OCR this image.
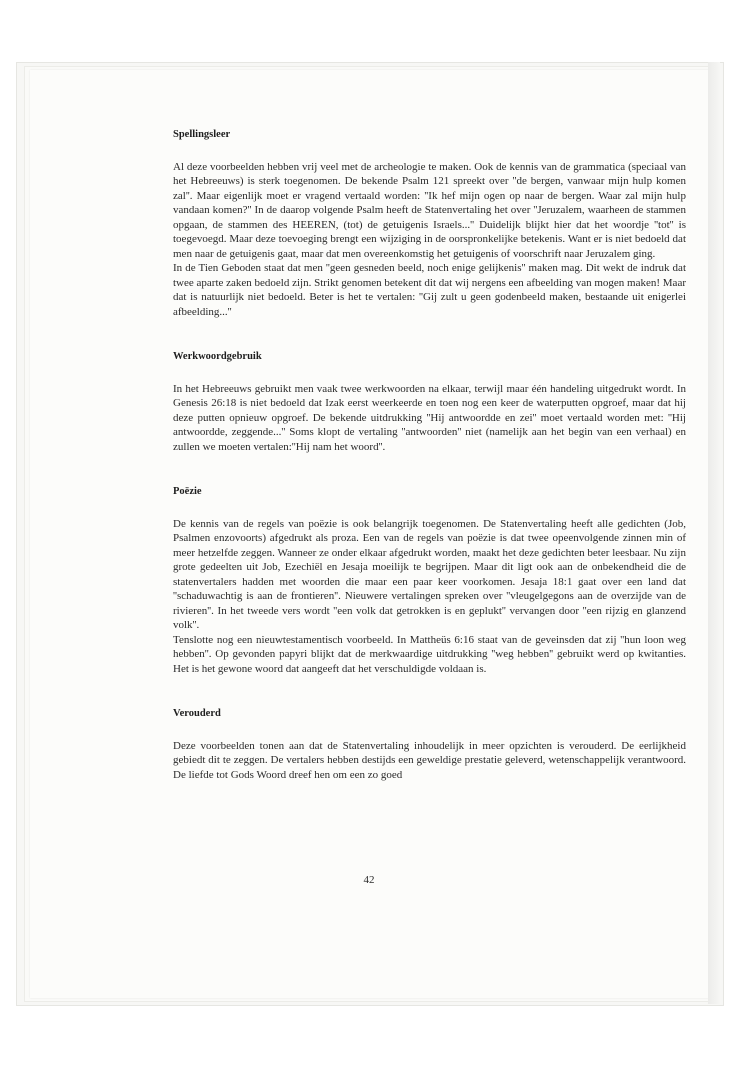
Spellingsleer

Al deze voorbeelden hebben vrij veel met de archeologie te maken. Ook de kennis van de grammatica (speciaal van het Hebreeuws) is sterk toegenomen. De bekende Psalm 121 spreekt over ''de bergen, vanwaar mijn hulp komen zal''. Maar eigenlijk moet er vragend vertaald worden: ''Ik hef mijn ogen op naar de bergen. Waar zal mijn hulp vandaan komen?'' In de daarop volgende Psalm heeft de Statenvertaling het over ''Jeruzalem, waarheen de stammen opgaan, de stammen des HEEREN, (tot) de getuigenis Israels...'' Duidelijk blijkt hier dat het woordje ''tot'' is toegevoegd. Maar deze toevoeging brengt een wijziging in de oorspronkelijke betekenis. Want er is niet bedoeld dat men naar de getuigenis gaat, maar dat men overeenkomstig het getuigenis of voorschrift naar Jeruzalem ging.

In de Tien Geboden staat dat men ''geen gesneden beeld, noch enige gelijkenis'' maken mag. Dit wekt de indruk dat twee aparte zaken bedoeld zijn. Strikt genomen betekent dit dat wij nergens een afbeelding van mogen maken! Maar dat is natuurlijk niet bedoeld. Beter is het te vertalen: ''Gij zult u geen godenbeeld maken, bestaande uit enigerlei afbeelding...''

Werkwoordgebruik

In het Hebreeuws gebruikt men vaak twee werkwoorden na elkaar, terwijl maar één handeling uitgedrukt wordt. In Genesis 26:18 is niet bedoeld dat Izak eerst weerkeerde en toen nog een keer de waterputten opgroef, maar dat hij deze putten opnieuw opgroef. De bekende uitdrukking ''Hij antwoordde en zei'' moet vertaald worden met: ''Hij antwoordde, zeggende...'' Soms klopt de vertaling ''antwoorden'' niet (namelijk aan het begin van een verhaal) en zullen we moeten vertalen:''Hij nam het woord''.

Poëzie

De kennis van de regels van poëzie is ook belangrijk toegenomen. De Statenvertaling heeft alle gedichten (Job, Psalmen enzovoorts) afgedrukt als proza. Een van de regels van poëzie is dat twee opeenvolgende zinnen min of meer hetzelfde zeggen. Wanneer ze onder elkaar afgedrukt worden, maakt het deze gedichten beter leesbaar. Nu zijn grote gedeelten uit Job, Ezechiël en Jesaja moeilijk te begrijpen. Maar dit ligt ook aan de onbekendheid die de statenvertalers hadden met woorden die maar een paar keer voorkomen. Jesaja 18:1 gaat over een land dat ''schaduwachtig is aan de frontieren''. Nieuwere vertalingen spreken over ''vleugelgegons aan de overzijde van de rivieren''. In het tweede vers wordt ''een volk dat getrokken is en geplukt'' vervangen door ''een rijzig en glanzend volk''.

Tenslotte nog een nieuwtestamentisch voorbeeld. In Mattheüs 6:16 staat van de geveinsden dat zij ''hun loon weg hebben''. Op gevonden papyri blijkt dat de merkwaardige uitdrukking ''weg hebben'' gebruikt werd op kwitanties. Het is het gewone woord dat aangeeft dat het verschuldigde voldaan is.

Verouderd

Deze voorbeelden tonen aan dat de Statenvertaling inhoudelijk in meer opzichten is verouderd. De eerlijkheid gebiedt dit te zeggen. De vertalers hebben destijds een geweldige prestatie geleverd, wetenschappelijk verantwoord. De liefde tot Gods Woord dreef hen om een zo goed

42
